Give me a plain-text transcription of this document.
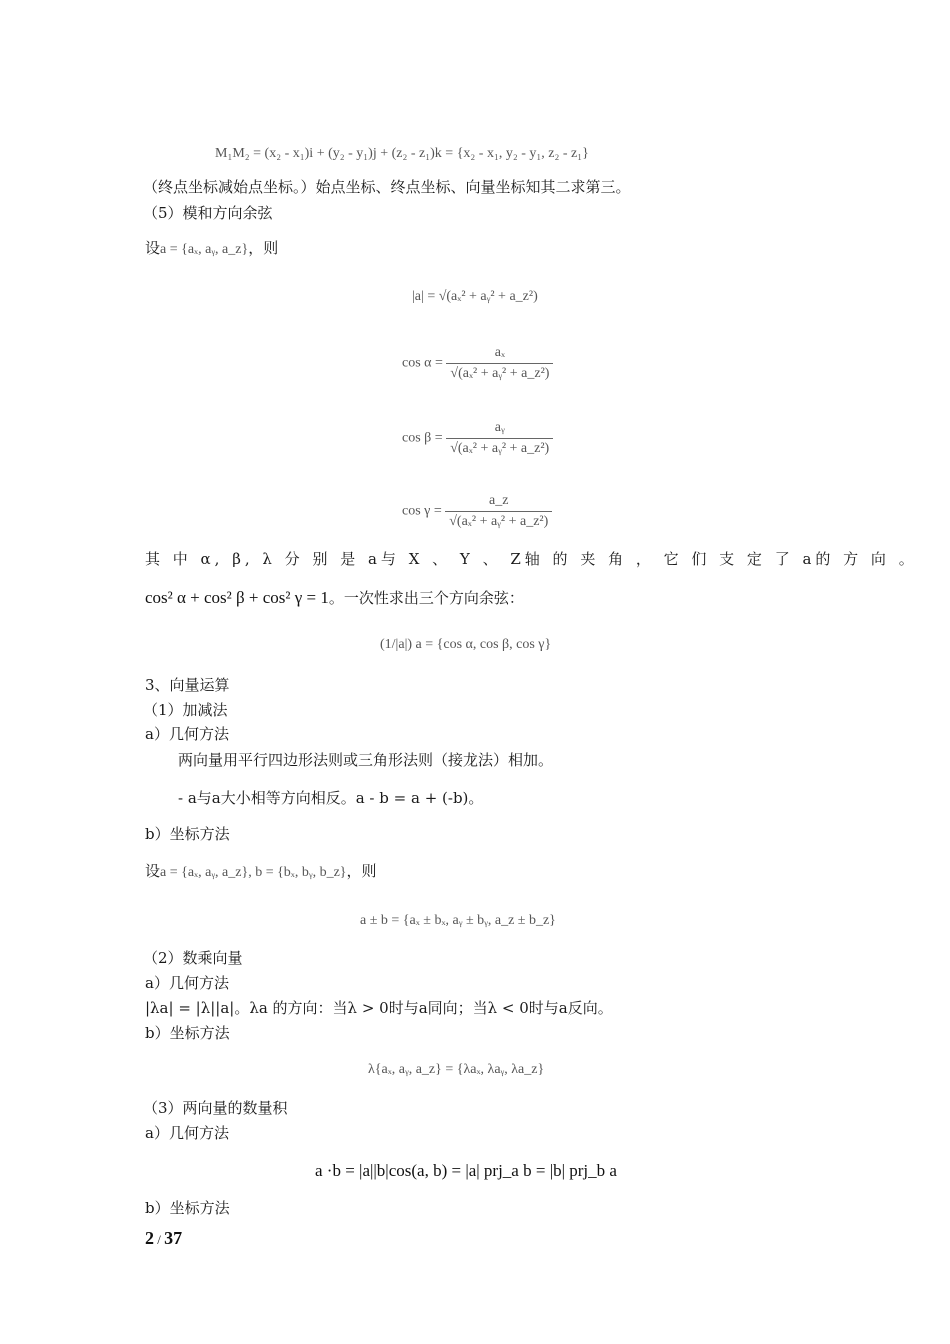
M₁M₂ = (x₂ - x₁)i + (y₂ - y₁)j + (z₂ - z₁)k = {x₂ - x₁, y₂ - y₁, z₂ - z₁}
（终点坐标减始点坐标。）始点坐标、终点坐标、向量坐标知其二求第三。
（5）模和方向余弦
设a = {aₓ, aᵧ, a_z}，则
|a| = √(aₓ² + aᵧ² + a_z²)
$\cos \alpha = \frac{\text{aₓ}}{\text{√(aₓ² + aᵧ² + a\_z²)}}$
$\cos \beta = \frac{\text{aᵧ}}{\text{√(aₓ² + aᵧ² + a\_z²)}}$
$\cos \gamma = \frac{a\_z}{\text{√(aₓ² + aᵧ² + a\_z²)}}$
其 中 α, β, λ 分 别 是 a与 X 、 Y 、 Z轴 的 夹 角 ， 它 们 支 定 了 a的 方 向 。
cos² α + cos² β + cos² γ = 1。一次性求出三个方向余弦：
(1/|a|) a = {cos α, cos β, cos γ}
3、向量运算
（1）加减法
a）几何方法
两向量用平行四边形法则或三角形法则（接龙法）相加。
- a与a大小相等方向相反。a - b = a + (-b)。
b）坐标方法
设a = {aₓ, aᵧ, a_z}, b = {bₓ, bᵧ, b_z}，则
a ± b = {aₓ ± bₓ, aᵧ ± bᵧ, a_z ± b_z}
（2）数乘向量
a）几何方法
|λa| = |λ||a|。λa 的方向：当λ > 0时与a同向；当λ < 0时与a反向。
b）坐标方法
λ{aₓ, aᵧ, a_z} = {λaₓ, λaᵧ, λa_z}
（3）两向量的数量积
a）几何方法
a ·b = |a||b|cos(a, b) = |a| prj_a b = |b| prj_b a
b）坐标方法
2 / 37
